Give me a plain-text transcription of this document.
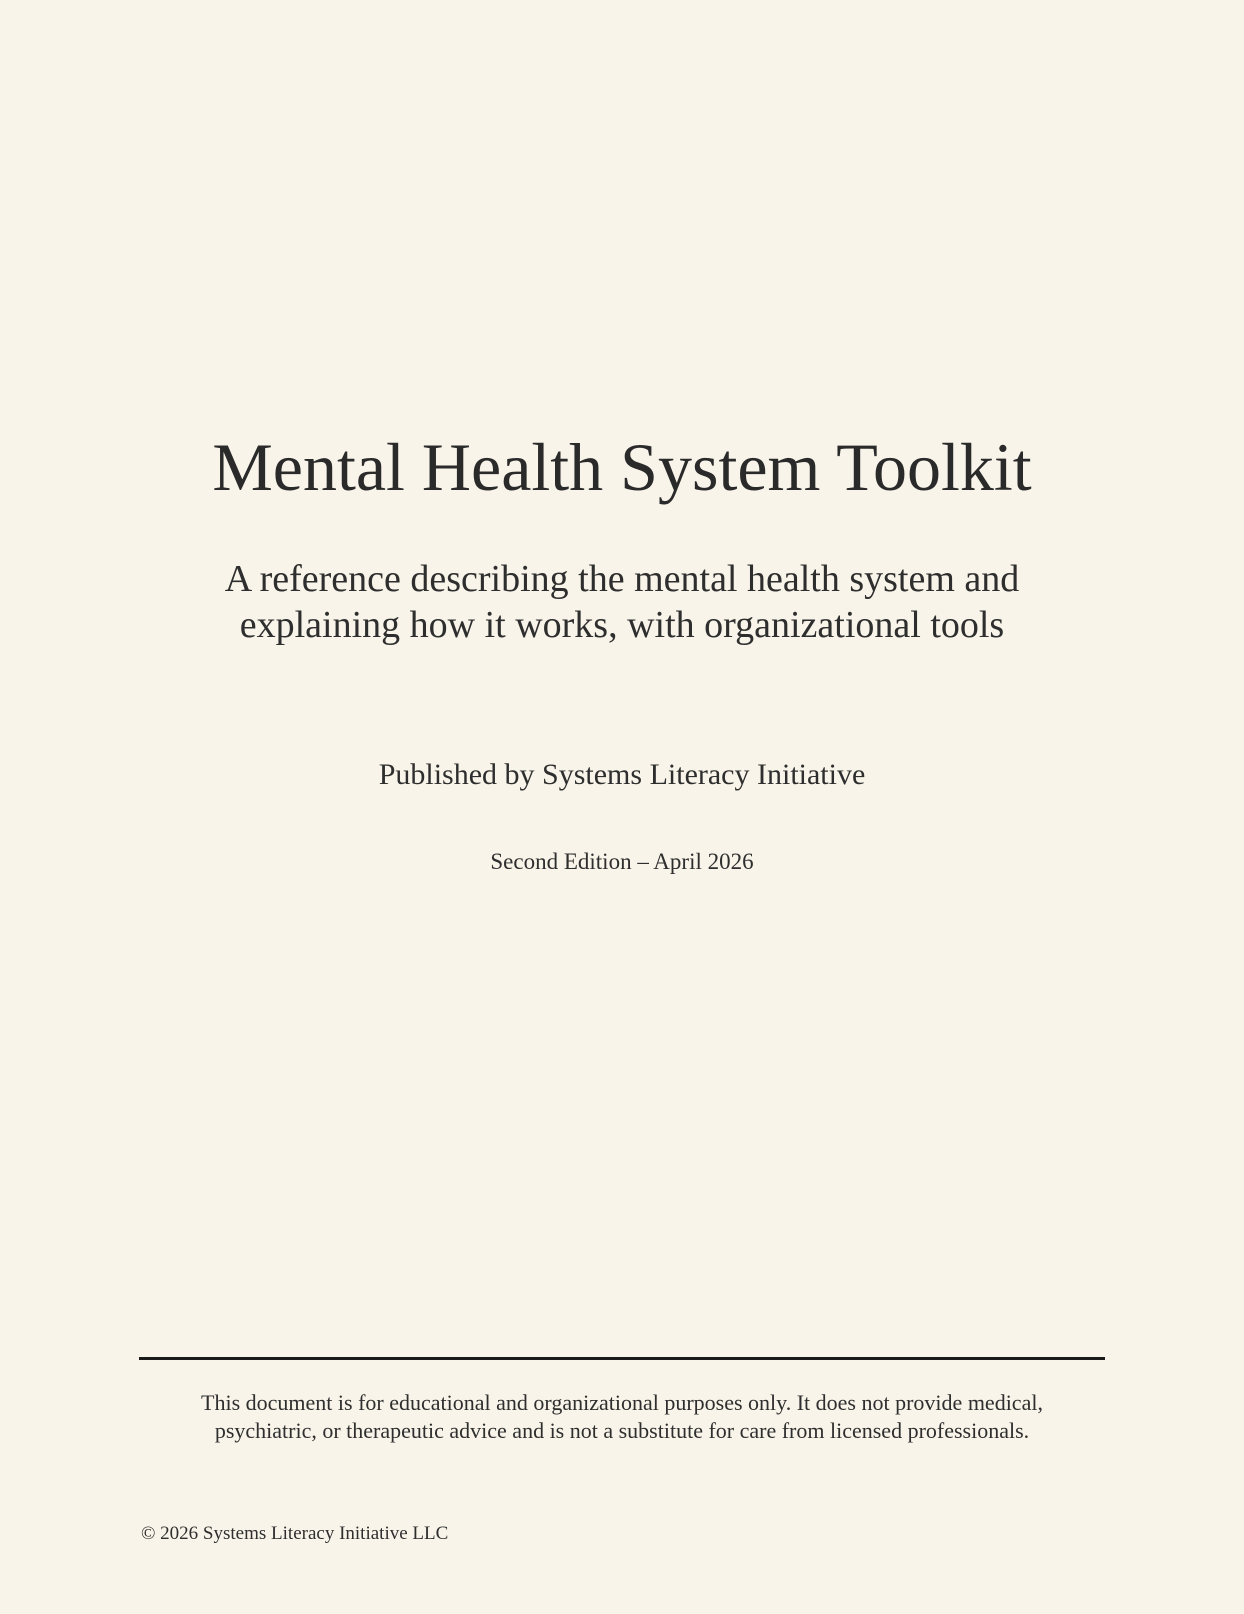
Mental Health System Toolkit
A reference describing the mental health system and
explaining how it works, with organizational tools

Published by Systems Literacy Initiative

Second Edition – April 2026

This document is for educational and organizational purposes only. It does not provide medical,
psychiatric, or therapeutic advice and is not a substitute for care from licensed professionals.

© 2026 Systems Literacy Initiative LLC
